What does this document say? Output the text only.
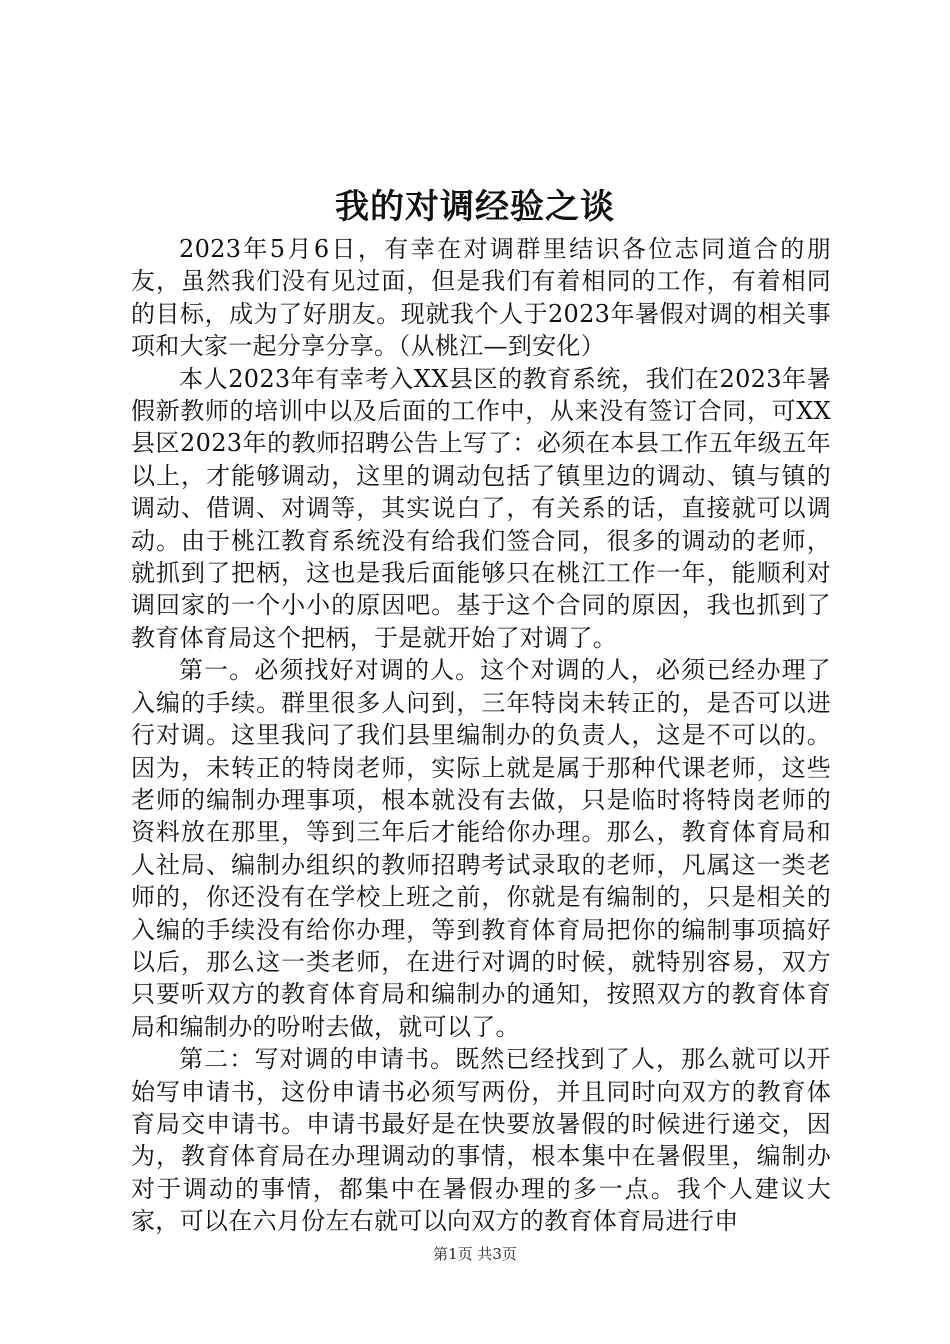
我的对调经验之谈

2023年5月6日，有幸在对调群里结识各位志同道合的朋友，虽然我们没有见过面，但是我们有着相同的工作，有着相同的目标，成为了好朋友。现就我个人于2023年暑假对调的相关事项和大家一起分享分享。（从桃江—到安化）

本人2023年有幸考入XX县区的教育系统，我们在2023年暑假新教师的培训中以及后面的工作中，从来没有签订合同，可XX县区2023年的教师招聘公告上写了：必须在本县工作五年级五年以上，才能够调动，这里的调动包括了镇里边的调动、镇与镇的调动、借调、对调等，其实说白了，有关系的话，直接就可以调动。由于桃江教育系统没有给我们签合同，很多的调动的老师，就抓到了把柄，这也是我后面能够只在桃江工作一年，能顺利对调回家的一个小小的原因吧。基于这个合同的原因，我也抓到了教育体育局这个把柄，于是就开始了对调了。

第一。必须找好对调的人。这个对调的人，必须已经办理了入编的手续。群里很多人问到，三年特岗未转正的，是否可以进行对调。这里我问了我们县里编制办的负责人，这是不可以的。因为，未转正的特岗老师，实际上就是属于那种代课老师，这些老师的编制办理事项，根本就没有去做，只是临时将特岗老师的资料放在那里，等到三年后才能给你办理。那么，教育体育局和人社局、编制办组织的教师招聘考试录取的老师，凡属这一类老师的，你还没有在学校上班之前，你就是有编制的，只是相关的入编的手续没有给你办理，等到教育体育局把你的编制事项搞好以后，那么这一类老师，在进行对调的时候，就特别容易，双方只要听双方的教育体育局和编制办的通知，按照双方的教育体育局和编制办的吩咐去做，就可以了。

第二：写对调的申请书。既然已经找到了人，那么就可以开始写申请书，这份申请书必须写两份，并且同时向双方的教育体育局交申请书。申请书最好是在快要放暑假的时候进行递交，因为，教育体育局在办理调动的事情，根本集中在暑假里，编制办对于调动的事情，都集中在暑假办理的多一点。我个人建议大家，可以在六月份左右就可以向双方的教育体育局进行申

第1页 共3页
